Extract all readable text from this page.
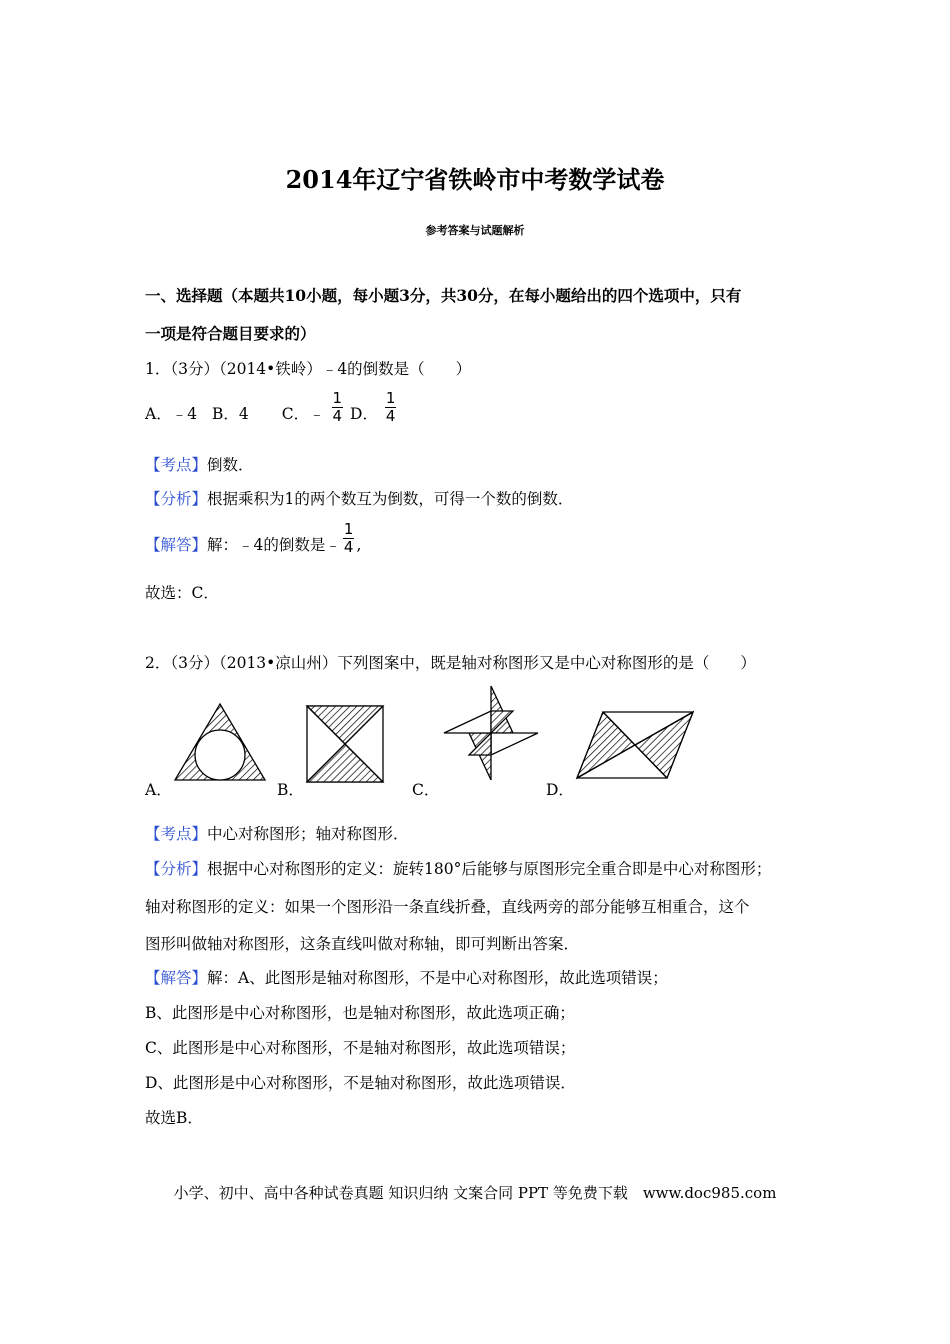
2014年辽宁省铁岭市中考数学试卷
参考答案与试题解析
一、选择题（本题共10小题，每小题3分，共30分，在每小题给出的四个选项中，只有
一项是符合题目要求的）
1．（3分）（2014•铁岭）﹣4的倒数是（　　）
A．﹣4 B．4 C．﹣ $\frac{1}{4}$ D． $\frac{1}{4}$
【考点】倒数．
【分析】根据乘积为1的两个数互为倒数，可得一个数的倒数．
【解答】解：﹣4的倒数是﹣ $\frac{1}{4}$ ,
故选：C．
2．（3分）（2013•凉山州）下列图案中，既是轴对称图形又是中心对称图形的是（　　）
A．	B．	C．	D．
【考点】中心对称图形；轴对称图形．
【分析】根据中心对称图形的定义：旋转180°后能够与原图形完全重合即是中心对称图形；
轴对称图形的定义：如果一个图形沿一条直线折叠，直线两旁的部分能够互相重合，这个
图形叫做轴对称图形，这条直线叫做对称轴，即可判断出答案．
【解答】解：A、此图形是轴对称图形，不是中心对称图形，故此选项错误；
B、此图形是中心对称图形，也是轴对称图形，故此选项正确；
C、此图形是中心对称图形，不是轴对称图形，故此选项错误；
D、此图形是中心对称图形，不是轴对称图形，故此选项错误．
故选B．
小学、初中、高中各种试卷真题 知识归纳 文案合同 PPT 等免费下载　www.doc985.com
